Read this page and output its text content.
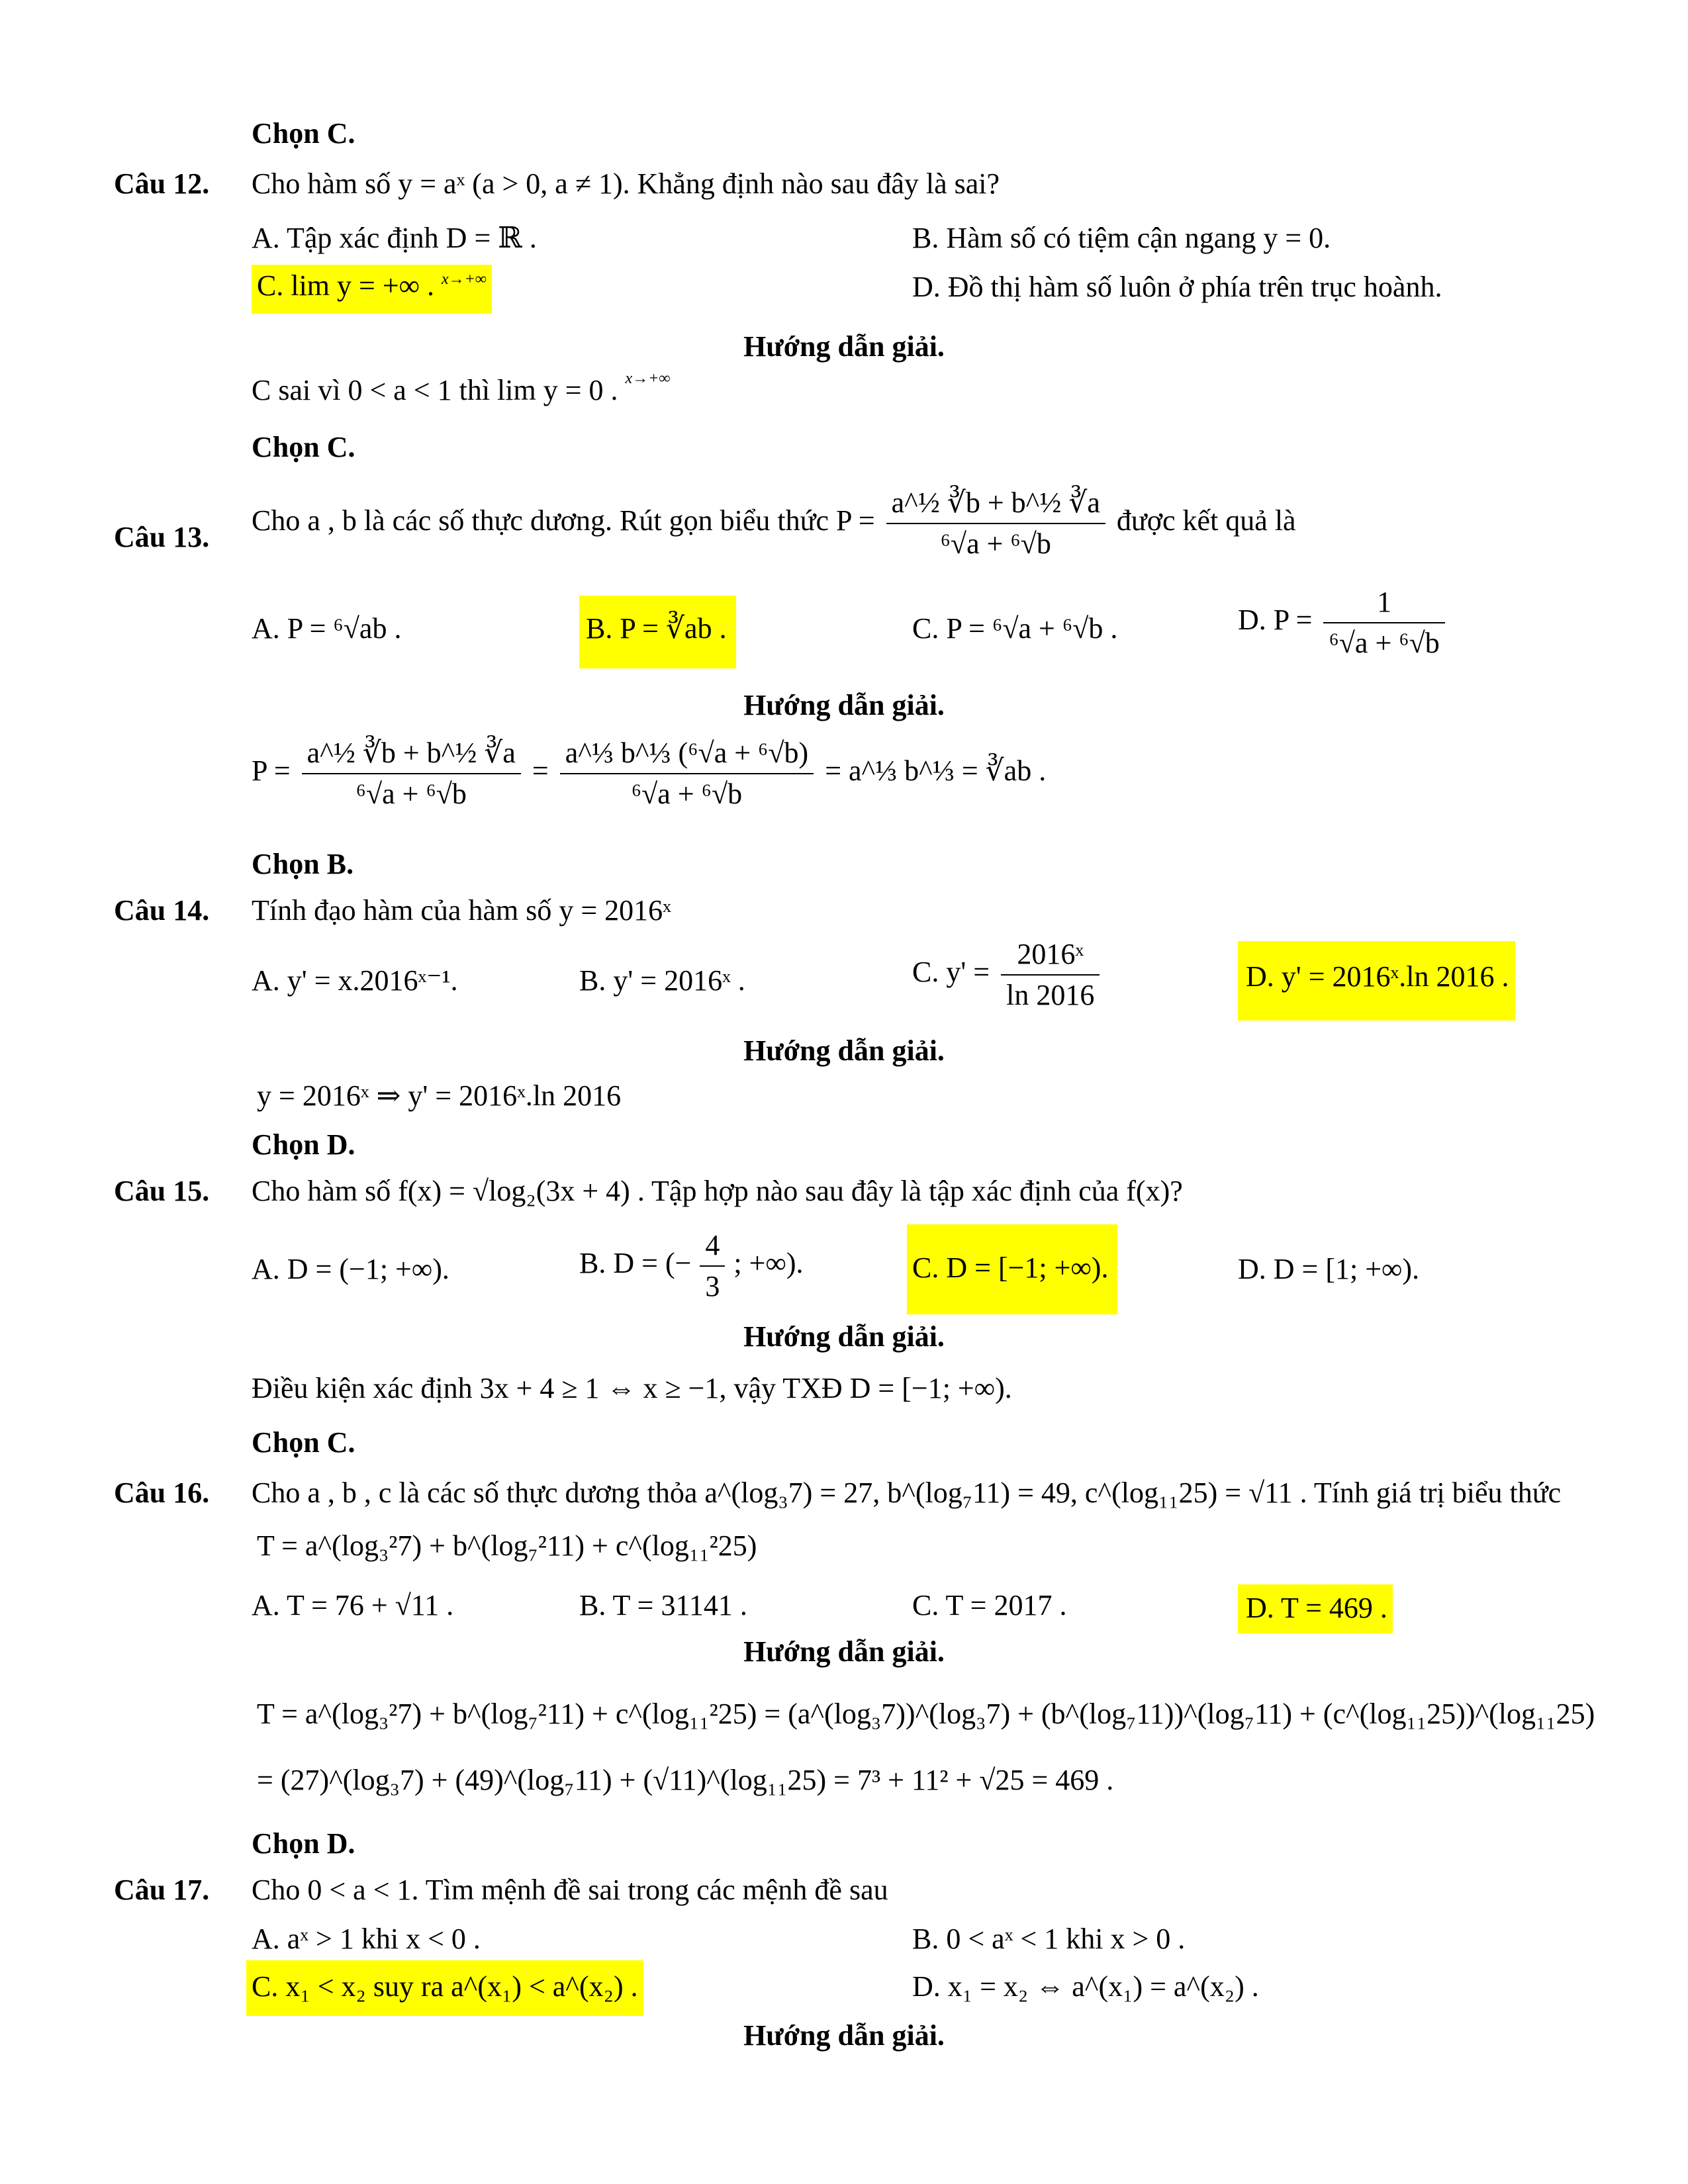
Chọn C.
Câu 12. Cho hàm số y = aˣ (a > 0, a ≠ 1). Khẳng định nào sau đây là sai?
A. Tập xác định D = ℝ .	B. Hàm số có tiệm cận ngang y = 0.
C. lim y = +∞ . x→+∞	D. Đồ thị hàm số luôn ở phía trên trục hoành.
Hướng dẫn giải.
C sai vì 0 < a < 1 thì lim y = 0 . x→+∞
Chọn C.
Câu 13.
Cho a , b là các số thực dương. Rút gọn biểu thức $P = \frac{\text{a\textasciicircum{}½ ∛b + b\textasciicircum{}½ ∛a}}{\text{⁶√a + ⁶√b}}$ được kết quả là
A. P = ⁶√ab .	B. P = ∛ab .	C. P = ⁶√a + ⁶√b .	D. $P = \frac{1}{\text{⁶√a + ⁶√b}}$
Hướng dẫn giải.
$P = \frac{\text{a\textasciicircum{}½ ∛b + b\textasciicircum{}½ ∛a}}{\text{⁶√a + ⁶√b}} = \frac{\text{a\textasciicircum{}⅓ b\textasciicircum{}⅓ (⁶√a + ⁶√b)}}{\text{⁶√a + ⁶√b}}$ = a^⅓ b^⅓ = ∛ab .
Chọn B.
Câu 14. Tính đạo hàm của hàm số y = 2016ˣ
A. y' = x.2016ˣ⁻¹.	B. y' = 2016ˣ .	C. $y' = \frac{\text{2016ˣ}}{\ln 2016}$	D. y' = 2016ˣ.ln 2016 .
Hướng dẫn giải.
y = 2016ˣ ⇒ y' = 2016ˣ.ln 2016
Chọn D.
Câu 15. Cho hàm số f(x) = √log₂(3x + 4) . Tập hợp nào sau đây là tập xác định của f(x)?
A. D = (−1; +∞).	B. D = (− $\frac{4}{3}$ ; +∞).	C. D = [−1; +∞).	D. D = [1; +∞).
Hướng dẫn giải.
Điều kiện xác định 3x + 4 ≥ 1 ⇔ x ≥ −1, vậy TXĐ D = [−1; +∞).
Chọn C.
Câu 16. Cho a , b , c là các số thực dương thỏa a^(log₃7) = 27, b^(log₇11) = 49, c^(log₁₁25) = √11 . Tính giá trị biểu thức
T = a^(log₃²7) + b^(log₇²11) + c^(log₁₁²25)
A. T = 76 + √11 .	B. T = 31141 .	C. T = 2017 .	D. T = 469 .
Hướng dẫn giải.
T = a^(log₃²7) + b^(log₇²11) + c^(log₁₁²25) = (a^(log₃7))^(log₃7) + (b^(log₇11))^(log₇11) + (c^(log₁₁25))^(log₁₁25)
= (27)^(log₃7) + (49)^(log₇11) + (√11)^(log₁₁25) = 7³ + 11² + √25 = 469 .
Chọn D.
Câu 17. Cho 0 < a < 1. Tìm mệnh đề sai trong các mệnh đề sau
A. aˣ > 1 khi x < 0 .	B. 0 < aˣ < 1 khi x > 0 .
C. x₁ < x₂ suy ra a^(x₁) < a^(x₂) .	D. x₁ = x₂ ⇔ a^(x₁) = a^(x₂) .
Hướng dẫn giải.
